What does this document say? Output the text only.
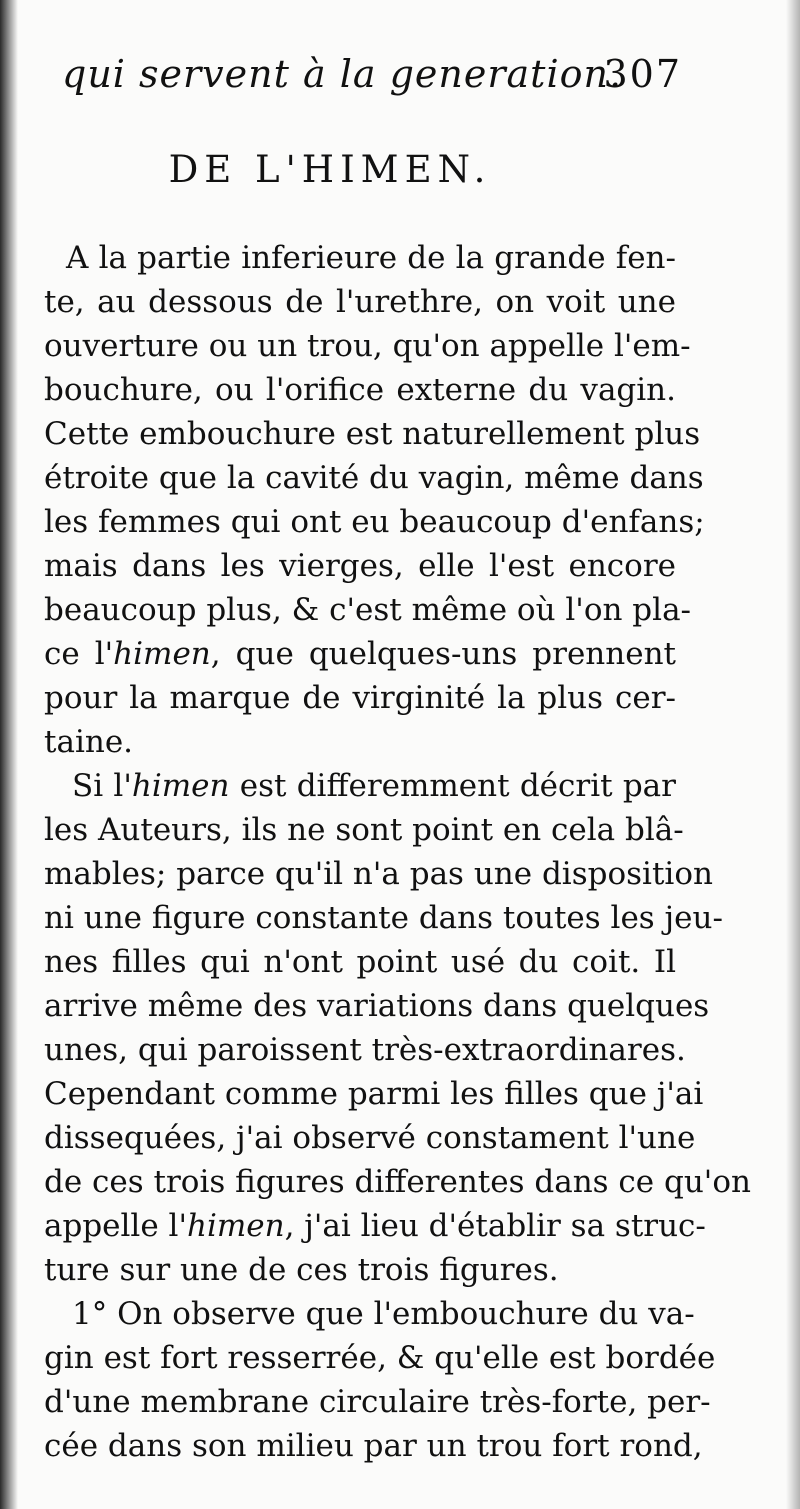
qui servent à la generation.
307
DE L'HIMEN.
A la partie inferieure de la grande fen-
te, au dessous de l'urethre, on voit une
ouverture ou un trou, qu'on appelle l'em-
bouchure, ou l'orifice externe du vagin.
Cette embouchure est naturellement plus
étroite que la cavité du vagin, même dans
les femmes qui ont eu beaucoup d'enfans;
mais dans les vierges, elle l'est encore
beaucoup plus, & c'est même où l'on pla-
ce l'himen, que quelques-uns prennent
pour la marque de virginité la plus cer-
taine.
Si l'himen est differemment décrit par
les Auteurs, ils ne sont point en cela blâ-
mables; parce qu'il n'a pas une disposition
ni une figure constante dans toutes les jeu-
nes filles qui n'ont point usé du coit. Il
arrive même des variations dans quelques
unes, qui paroissent très-extraordinares.
Cependant comme parmi les filles que j'ai
dissequées, j'ai observé constament l'une
de ces trois figures differentes dans ce qu'on
appelle l'himen, j'ai lieu d'établir sa struc-
ture sur une de ces trois figures.
1° On observe que l'embouchure du va-
gin est fort resserrée, & qu'elle est bordée
d'une membrane circulaire très-forte, per-
cée dans son milieu par un trou fort rond,
